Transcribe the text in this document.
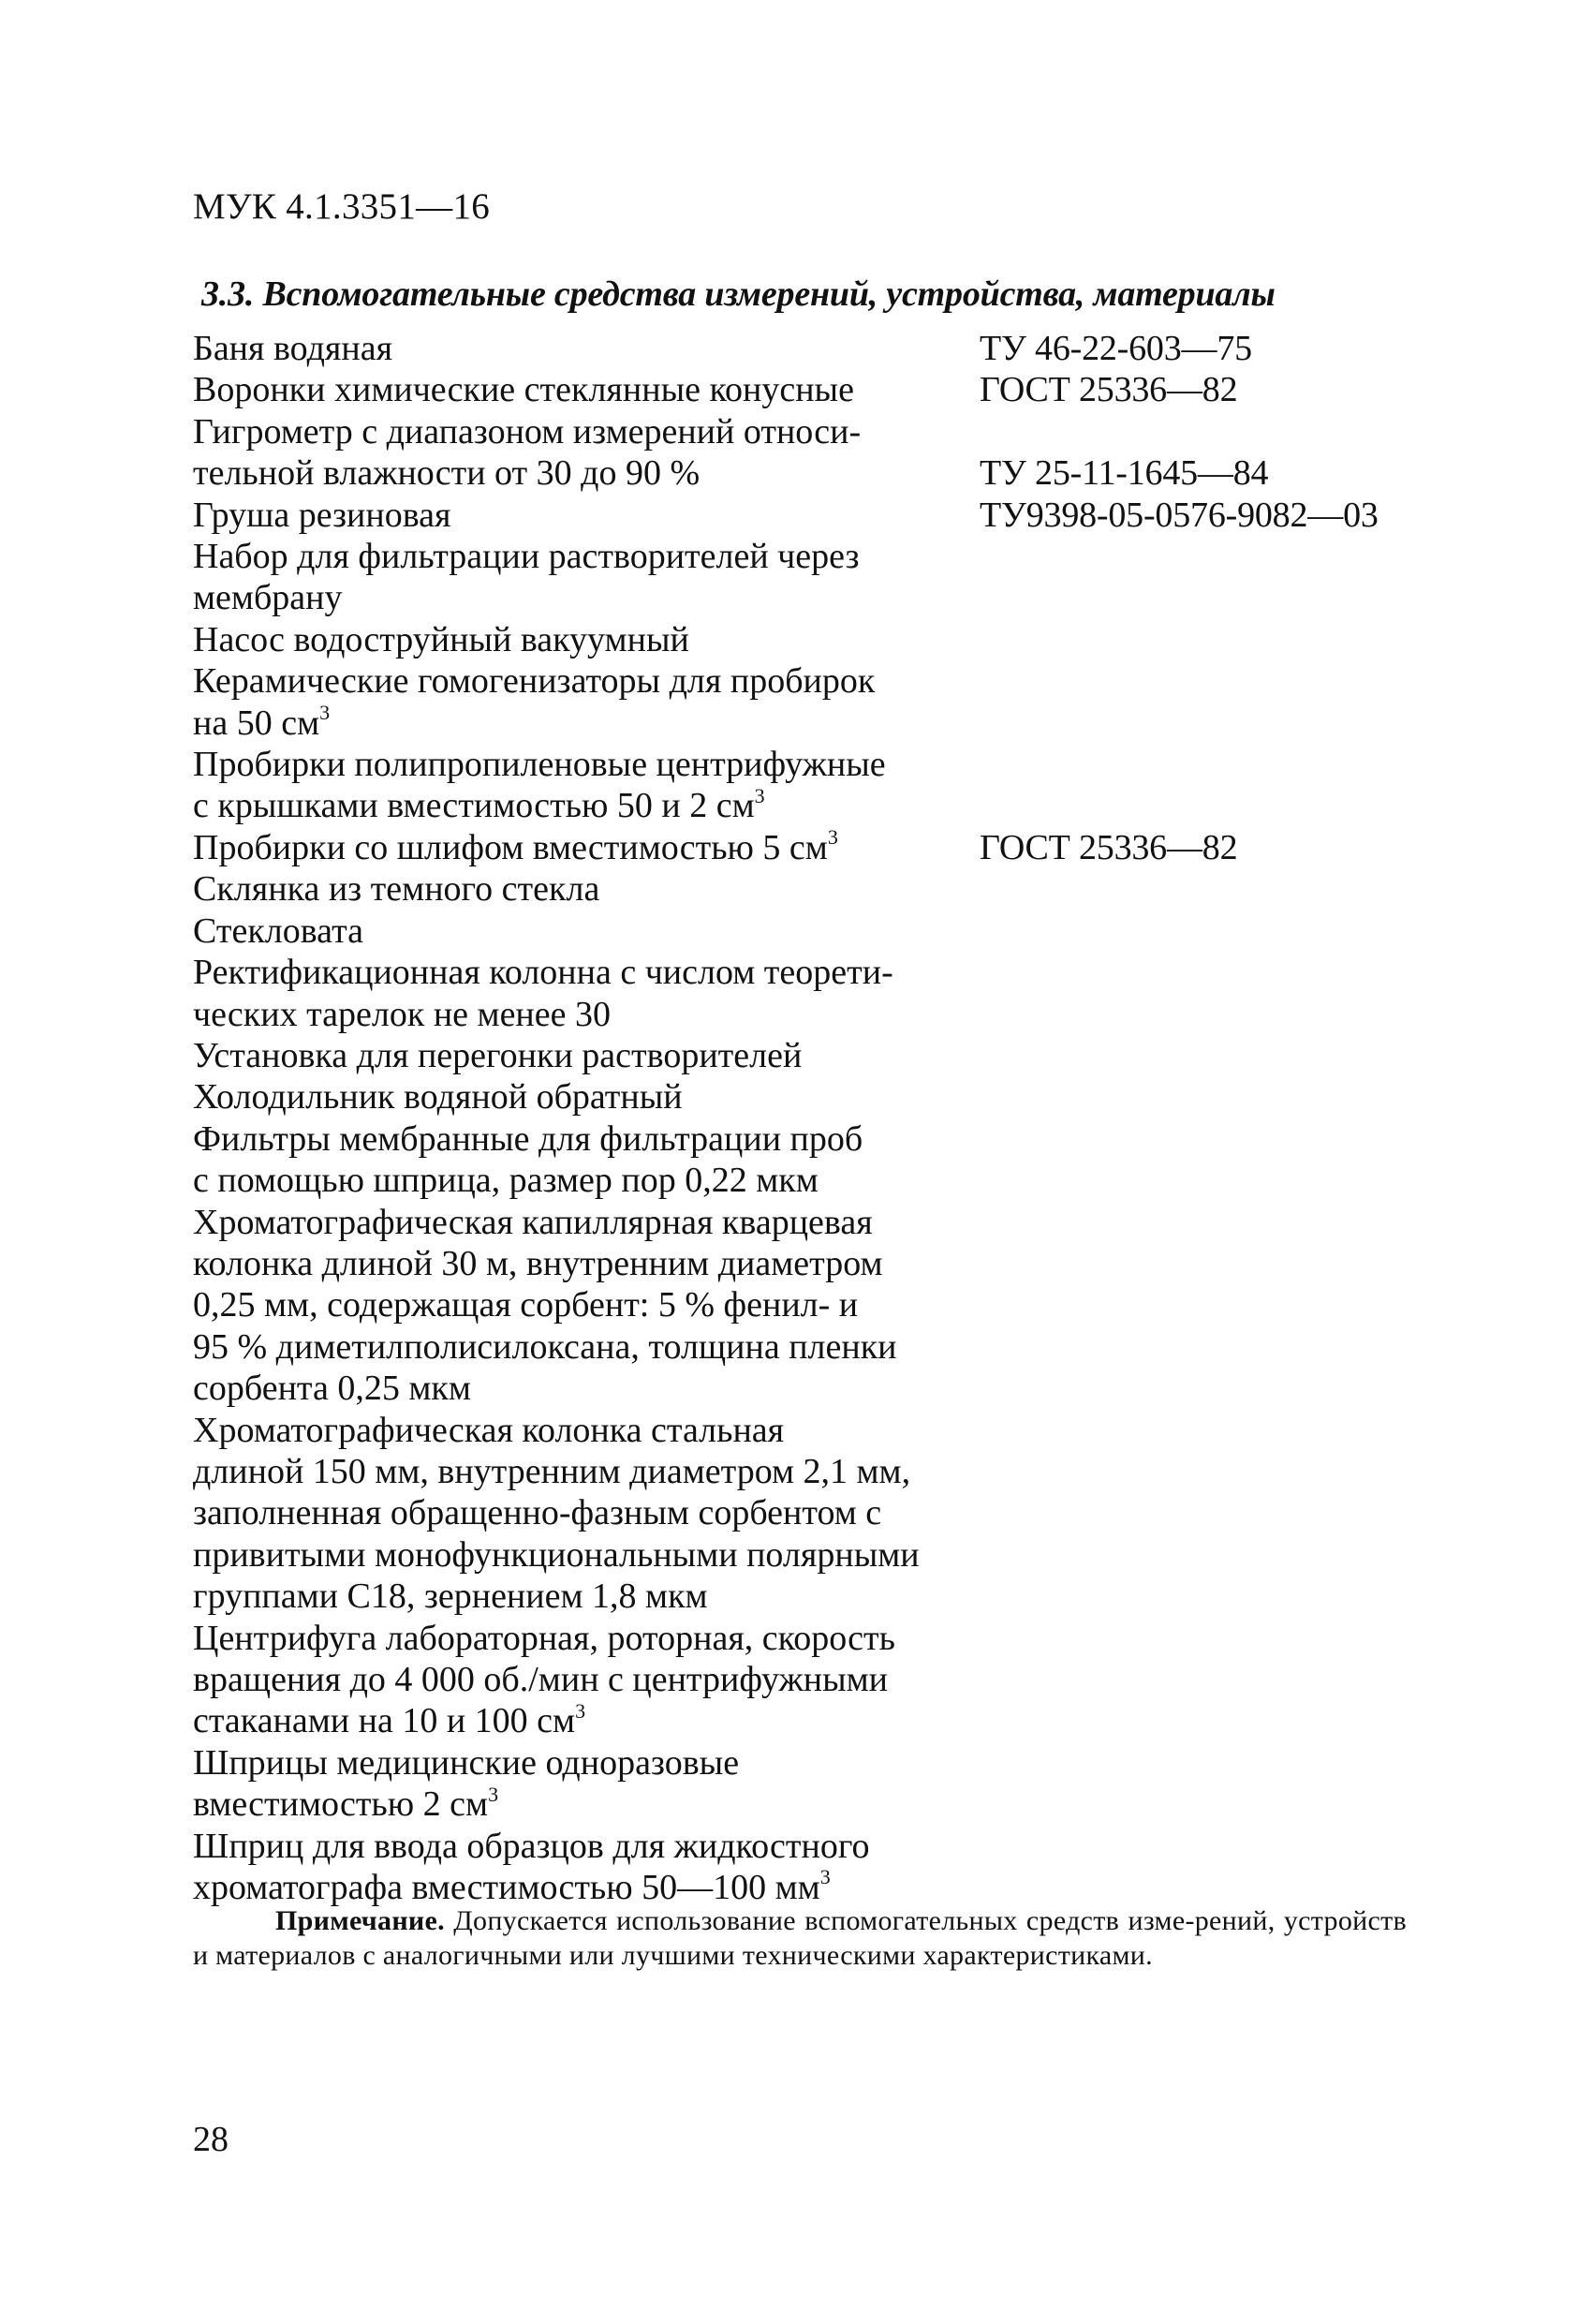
МУК 4.1.3351—16
3.3. Вспомогательные средства измерений, устройства, материалы
Баня водяная	ТУ 46-22-603—75
Воронки химические стеклянные конусные	ГОСТ 25336—82
Гигрометр с диапазоном измерений относи-
тельной влажности от 30 до 90 %	ТУ 25-11-1645—84
Груша резиновая	ТУ9398-05-0576-9082—03
Набор для фильтрации растворителей через
мембрану
Насос водоструйный вакуумный
Керамические гомогенизаторы для пробирок
на 50 $см^3$
Пробирки полипропиленовые центрифужные
с крышками вместимостью 50 и 2 $см^3$
Пробирки со шлифом вместимостью 5 $см^3$	ГОСТ 25336—82
Склянка из темного стекла
Стекловата
Ректификационная колонна с числом теорети-
ческих тарелок не менее 30
Установка для перегонки растворителей
Холодильник водяной обратный
Фильтры мембранные для фильтрации проб
с помощью шприца, размер пор 0,22 мкм
Хроматографическая капиллярная кварцевая
колонка длиной 30 м, внутренним диаметром
0,25 мм, содержащая сорбент: 5 % фенил- и
95 % диметилполисилоксана, толщина пленки
сорбента 0,25 мкм
Хроматографическая колонка стальная
длиной 150 мм, внутренним диаметром 2,1 мм,
заполненная обращенно-фазным сорбентом с
привитыми монофункциональными полярными
группами С18, зернением 1,8 мкм
Центрифуга лабораторная, роторная, скорость
вращения до 4 000 об./мин с центрифужными
стаканами на 10 и 100 $см^3$
Шприцы медицинские одноразовые
вместимостью 2 $см^3$
Шприц для ввода образцов для жидкостного
хроматографа вместимостью 50—100 $мм^3$
Примечание. Допускается использование вспомогательных средств изме-рений, устройств и материалов с аналогичными или лучшими техническими характеристиками.
28
